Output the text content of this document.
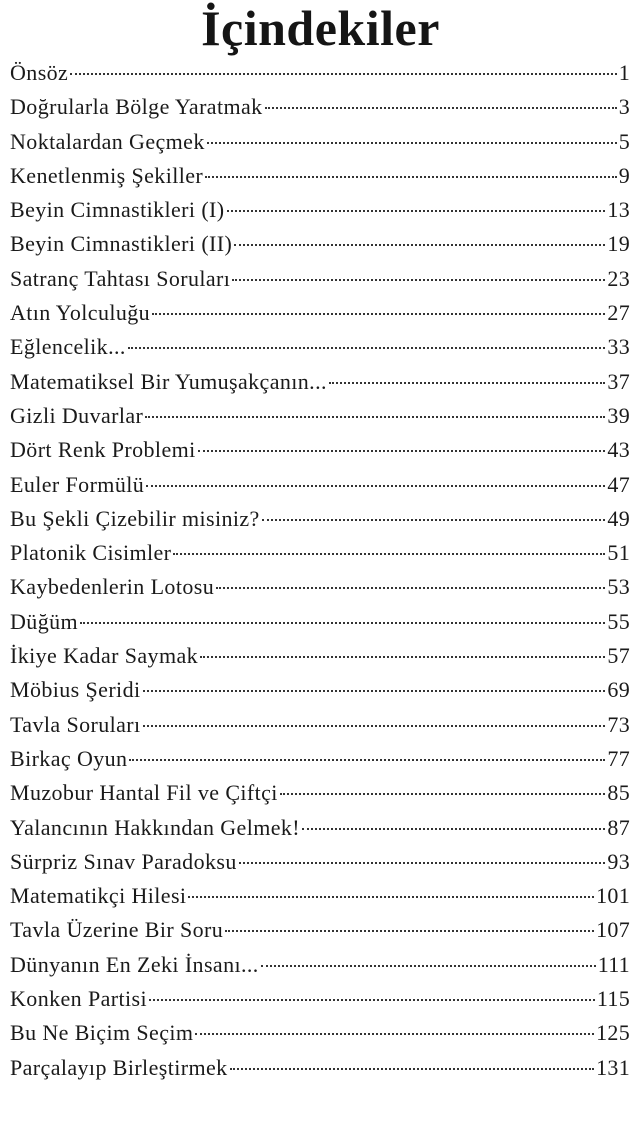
İçindekiler
Önsöz	1
Doğrularla Bölge Yaratmak	3
Noktalardan Geçmek	5
Kenetlenmiş Şekiller	9
Beyin Cimnastikleri (I)	13
Beyin Cimnastikleri (II)	19
Satranç Tahtası Soruları	23
Atın Yolculuğu	27
Eğlencelik...	33
Matematiksel Bir Yumuşakçanın...	37
Gizli Duvarlar	39
Dört Renk Problemi	43
Euler Formülü	47
Bu Şekli Çizebilir misiniz?	49
Platonik Cisimler	51
Kaybedenlerin Lotosu	53
Düğüm	55
İkiye Kadar Saymak	57
Möbius Şeridi	69
Tavla Soruları	73
Birkaç Oyun	77
Muzobur Hantal Fil ve Çiftçi	85
Yalancının Hakkından Gelmek!	87
Sürpriz Sınav Paradoksu	93
Matematikçi Hilesi	101
Tavla Üzerine Bir Soru	107
Dünyanın En Zeki İnsanı...	111
Konken Partisi	115
Bu Ne Biçim Seçim	125
Parçalayıp Birleştirmek	131
